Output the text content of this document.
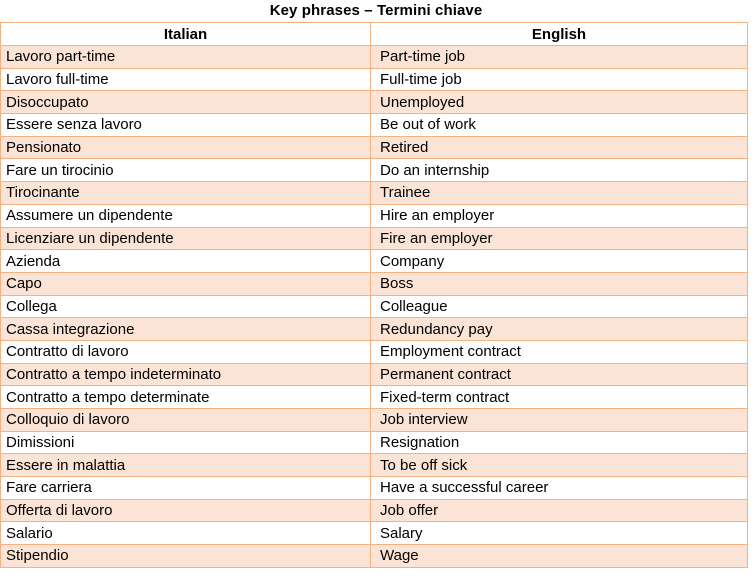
Key phrases – Termini chiave
Italian	English
Lavoro part-time	Part-time job
Lavoro full-time	Full-time job
Disoccupato	Unemployed
Essere senza lavoro	Be out of work
Pensionato	Retired
Fare un tirocinio	Do an internship
Tirocinante	Trainee
Assumere un dipendente	Hire an employer
Licenziare un dipendente	Fire an employer
Azienda	Company
Capo	Boss
Collega	Colleague
Cassa integrazione	Redundancy pay
Contratto di lavoro	Employment contract
Contratto a tempo indeterminato	Permanent contract
Contratto a tempo determinate	Fixed-term contract
Colloquio di lavoro	Job interview
Dimissioni	Resignation
Essere in malattia	To be off sick
Fare carriera	Have a successful career
Offerta di lavoro	Job offer
Salario	Salary
Stipendio	Wage
